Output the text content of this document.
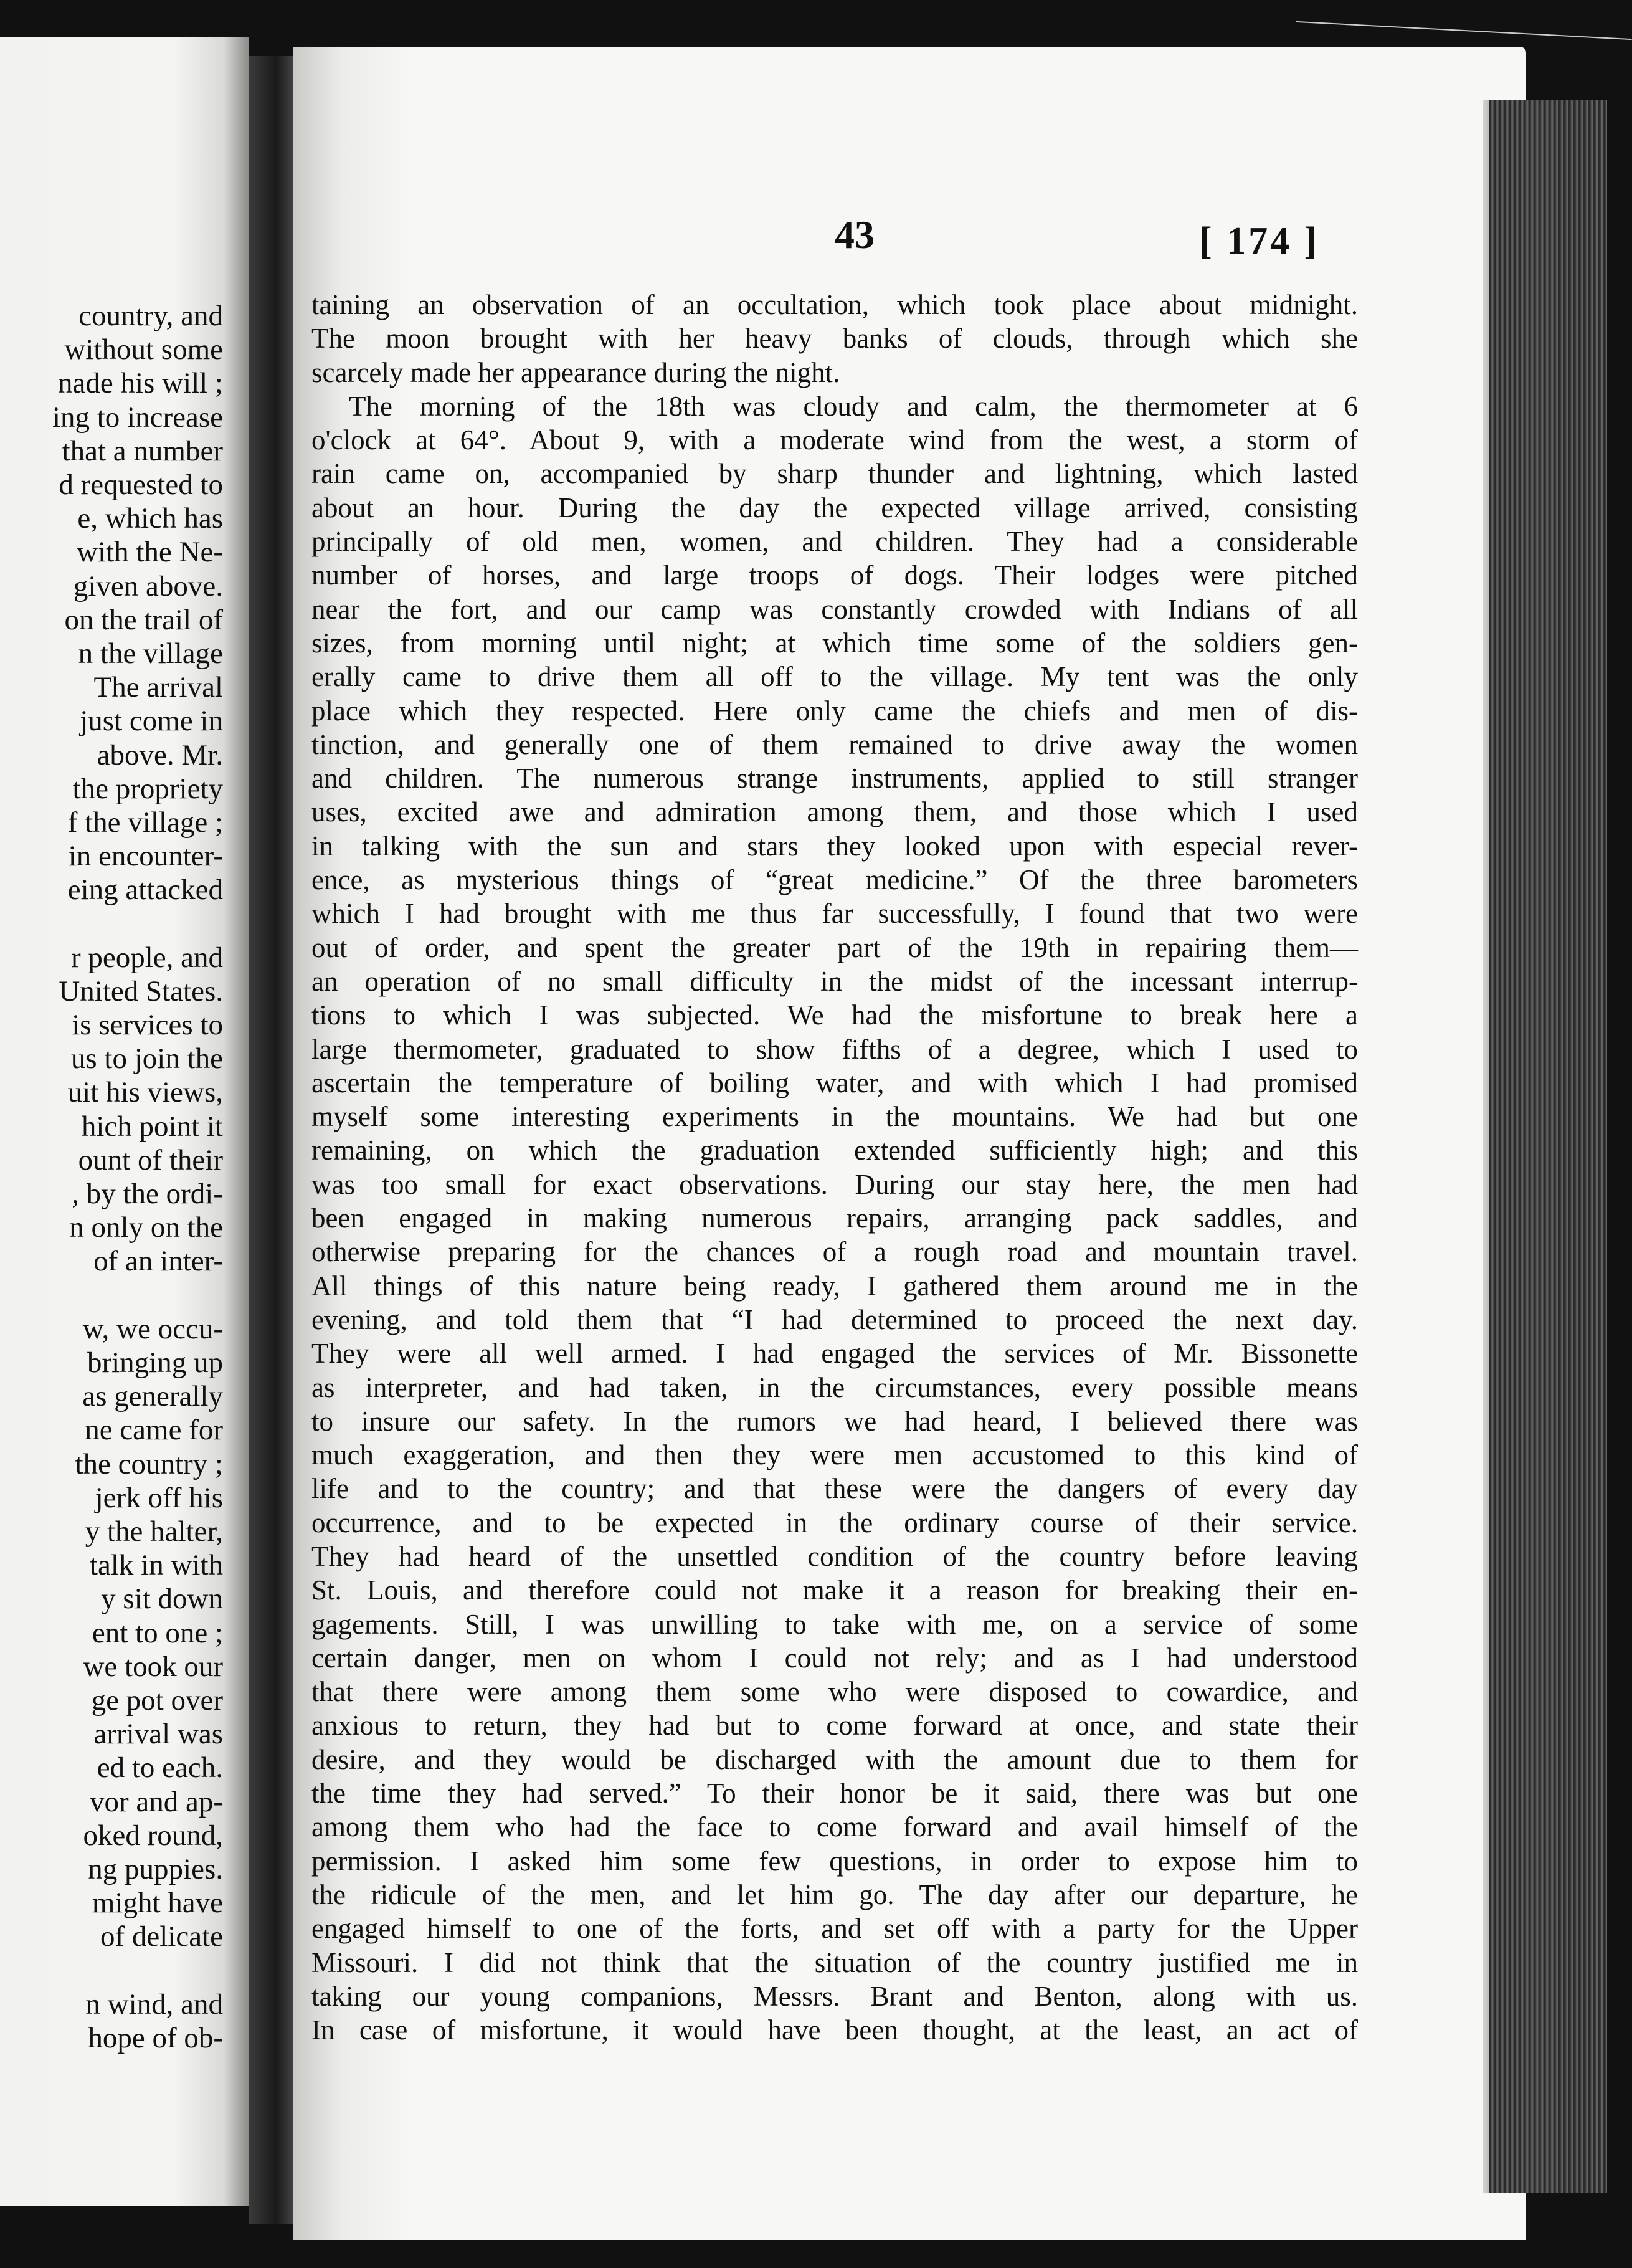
country, and
without some
nade his will ;
ing to increase
that a number
d requested to
e, which has
with the Ne-
given above.
on the trail of
n the village
The arrival
just come in
above. Mr.
the propriety
f the village ;
in encounter-
eing attacked

r people, and
United States.
is services to
us to join the
uit his views,
hich point it
ount of their
, by the ordi-
n only on the
of an inter-

w, we occu-
bringing up
as generally
ne came for
the country ;
jerk off his
y the halter,
talk in with
y sit down
ent to one ;
we took our
ge pot over
arrival was
ed to each.
vor and ap-
oked round,
ng puppies.
might have
of delicate

n wind, and
hope of ob-
43	[ 174 ]
taining an observation of an occultation, which took place about midnight.
The moon brought with her heavy banks of clouds, through which she
scarcely made her appearance during the night.
The morning of the 18th was cloudy and calm, the thermometer at 6
o'clock at 64°. About 9, with a moderate wind from the west, a storm of
rain came on, accompanied by sharp thunder and lightning, which lasted
about an hour. During the day the expected village arrived, consisting
principally of old men, women, and children. They had a considerable
number of horses, and large troops of dogs. Their lodges were pitched
near the fort, and our camp was constantly crowded with Indians of all
sizes, from morning until night; at which time some of the soldiers gen-
erally came to drive them all off to the village. My tent was the only
place which they respected. Here only came the chiefs and men of dis-
tinction, and generally one of them remained to drive away the women
and children. The numerous strange instruments, applied to still stranger
uses, excited awe and admiration among them, and those which I used
in talking with the sun and stars they looked upon with especial rever-
ence, as mysterious things of “great medicine.” Of the three barometers
which I had brought with me thus far successfully, I found that two were
out of order, and spent the greater part of the 19th in repairing them—
an operation of no small difficulty in the midst of the incessant interrup-
tions to which I was subjected. We had the misfortune to break here a
large thermometer, graduated to show fifths of a degree, which I used to
ascertain the temperature of boiling water, and with which I had promised
myself some interesting experiments in the mountains. We had but one
remaining, on which the graduation extended sufficiently high; and this
was too small for exact observations. During our stay here, the men had
been engaged in making numerous repairs, arranging pack saddles, and
otherwise preparing for the chances of a rough road and mountain travel.
All things of this nature being ready, I gathered them around me in the
evening, and told them that “I had determined to proceed the next day.
They were all well armed. I had engaged the services of Mr. Bissonette
as interpreter, and had taken, in the circumstances, every possible means
to insure our safety. In the rumors we had heard, I believed there was
much exaggeration, and then they were men accustomed to this kind of
life and to the country; and that these were the dangers of every day
occurrence, and to be expected in the ordinary course of their service.
They had heard of the unsettled condition of the country before leaving
St. Louis, and therefore could not make it a reason for breaking their en-
gagements. Still, I was unwilling to take with me, on a service of some
certain danger, men on whom I could not rely; and as I had understood
that there were among them some who were disposed to cowardice, and
anxious to return, they had but to come forward at once, and state their
desire, and they would be discharged with the amount due to them for
the time they had served.” To their honor be it said, there was but one
among them who had the face to come forward and avail himself of the
permission. I asked him some few questions, in order to expose him to
the ridicule of the men, and let him go. The day after our departure, he
engaged himself to one of the forts, and set off with a party for the Upper
Missouri. I did not think that the situation of the country justified me in
taking our young companions, Messrs. Brant and Benton, along with us.
In case of misfortune, it would have been thought, at the least, an act of
